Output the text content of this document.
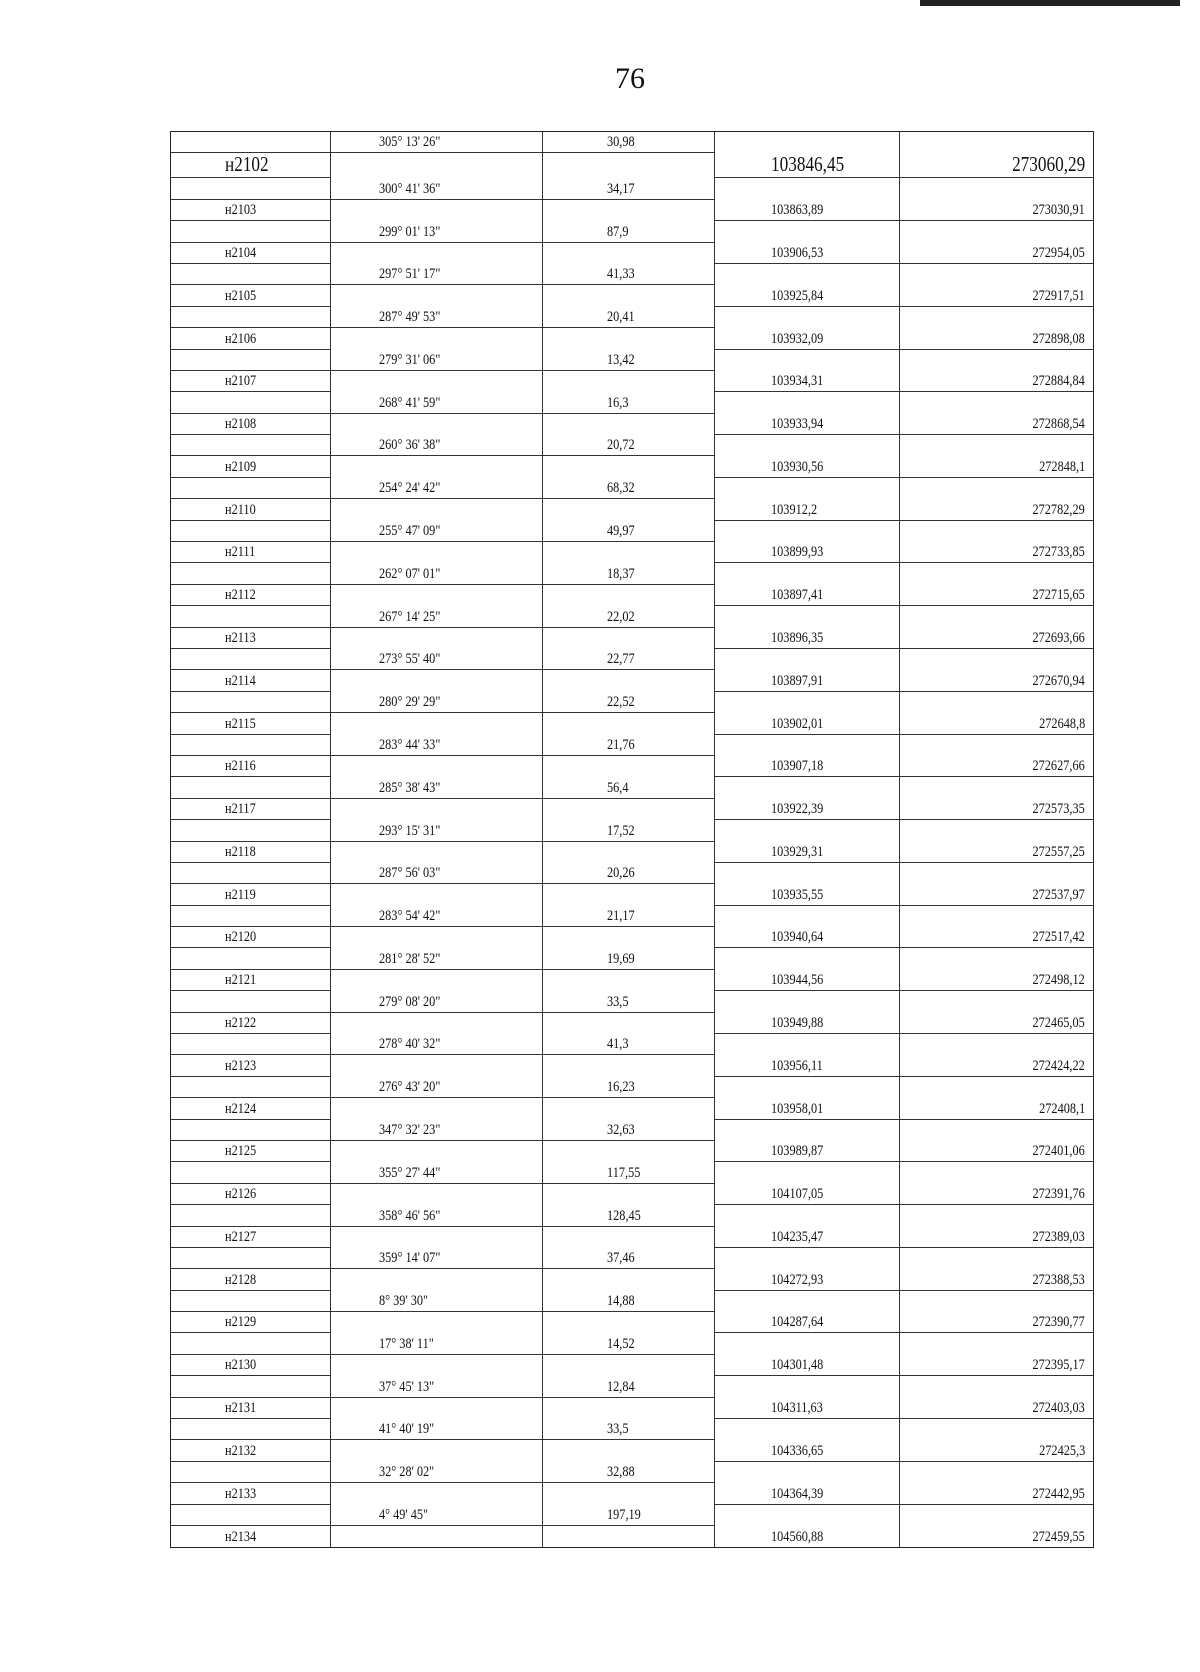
76
305° 13' 26"	30,98
н2102	103846,45	273060,29
300° 41' 36"	34,17
н2103	103863,89	273030,91
299° 01' 13"	87,9
н2104	103906,53	272954,05
297° 51' 17"	41,33
н2105	103925,84	272917,51
287° 49' 53"	20,41
н2106	103932,09	272898,08
279° 31' 06"	13,42
н2107	103934,31	272884,84
268° 41' 59"	16,3
н2108	103933,94	272868,54
260° 36' 38"	20,72
н2109	103930,56	272848,1
254° 24' 42"	68,32
н2110	103912,2	272782,29
255° 47' 09"	49,97
н2111	103899,93	272733,85
262° 07' 01"	18,37
н2112	103897,41	272715,65
267° 14' 25"	22,02
н2113	103896,35	272693,66
273° 55' 40"	22,77
н2114	103897,91	272670,94
280° 29' 29"	22,52
н2115	103902,01	272648,8
283° 44' 33"	21,76
н2116	103907,18	272627,66
285° 38' 43"	56,4
н2117	103922,39	272573,35
293° 15' 31"	17,52
н2118	103929,31	272557,25
287° 56' 03"	20,26
н2119	103935,55	272537,97
283° 54' 42"	21,17
н2120	103940,64	272517,42
281° 28' 52"	19,69
н2121	103944,56	272498,12
279° 08' 20"	33,5
н2122	103949,88	272465,05
278° 40' 32"	41,3
н2123	103956,11	272424,22
276° 43' 20"	16,23
н2124	103958,01	272408,1
347° 32' 23"	32,63
н2125	103989,87	272401,06
355° 27' 44"	117,55
н2126	104107,05	272391,76
358° 46' 56"	128,45
н2127	104235,47	272389,03
359° 14' 07"	37,46
н2128	104272,93	272388,53
8° 39' 30"	14,88
н2129	104287,64	272390,77
17° 38' 11"	14,52
н2130	104301,48	272395,17
37° 45' 13"	12,84
н2131	104311,63	272403,03
41° 40' 19"	33,5
н2132	104336,65	272425,3
32° 28' 02"	32,88
н2133	104364,39	272442,95
4° 49' 45"	197,19
н2134	104560,88	272459,55
